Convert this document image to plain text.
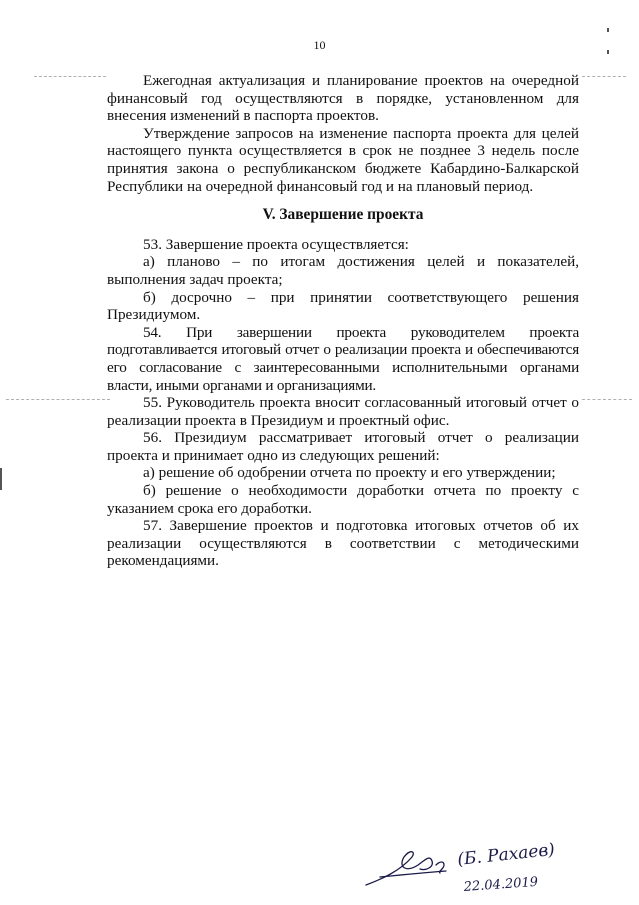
10

Ежегодная актуализация и планирование проектов на очередной финансовый год осуществляются в порядке, установленном для внесения изменений в паспорта проектов.

Утверждение запросов на изменение паспорта проекта для целей настоящего пункта осуществляется в срок не позднее 3 недель после принятия закона о республиканском бюджете Кабардино-Балкарской Республики на очередной финансовый год и на плановый период.

V. Завершение проекта

53. Завершение проекта осуществляется:

а) планово – по итогам достижения целей и показателей, выполнения задач проекта;

б) досрочно – при принятии соответствующего решения Президиумом.

54. При завершении проекта руководителем проекта подготавливается итоговый отчет о реализации проекта и обеспечиваются его согласование с заинтересованными исполнительными органами власти, иными органами и организациями.

55. Руководитель проекта вносит согласованный итоговый отчет о реализации проекта в Президиум и проектный офис.

56. Президиум рассматривает итоговый отчет о реализации проекта и принимает одно из следующих решений:

а) решение об одобрении отчета по проекту и его утверждении;

б) решение о необходимости доработки отчета по проекту с указанием срока его доработки.

57. Завершение проектов и подготовка итоговых отчетов об их реализации осуществляются в соответствии с методическими рекомендациями.

(Б. Рахаев)
22.04.2019
